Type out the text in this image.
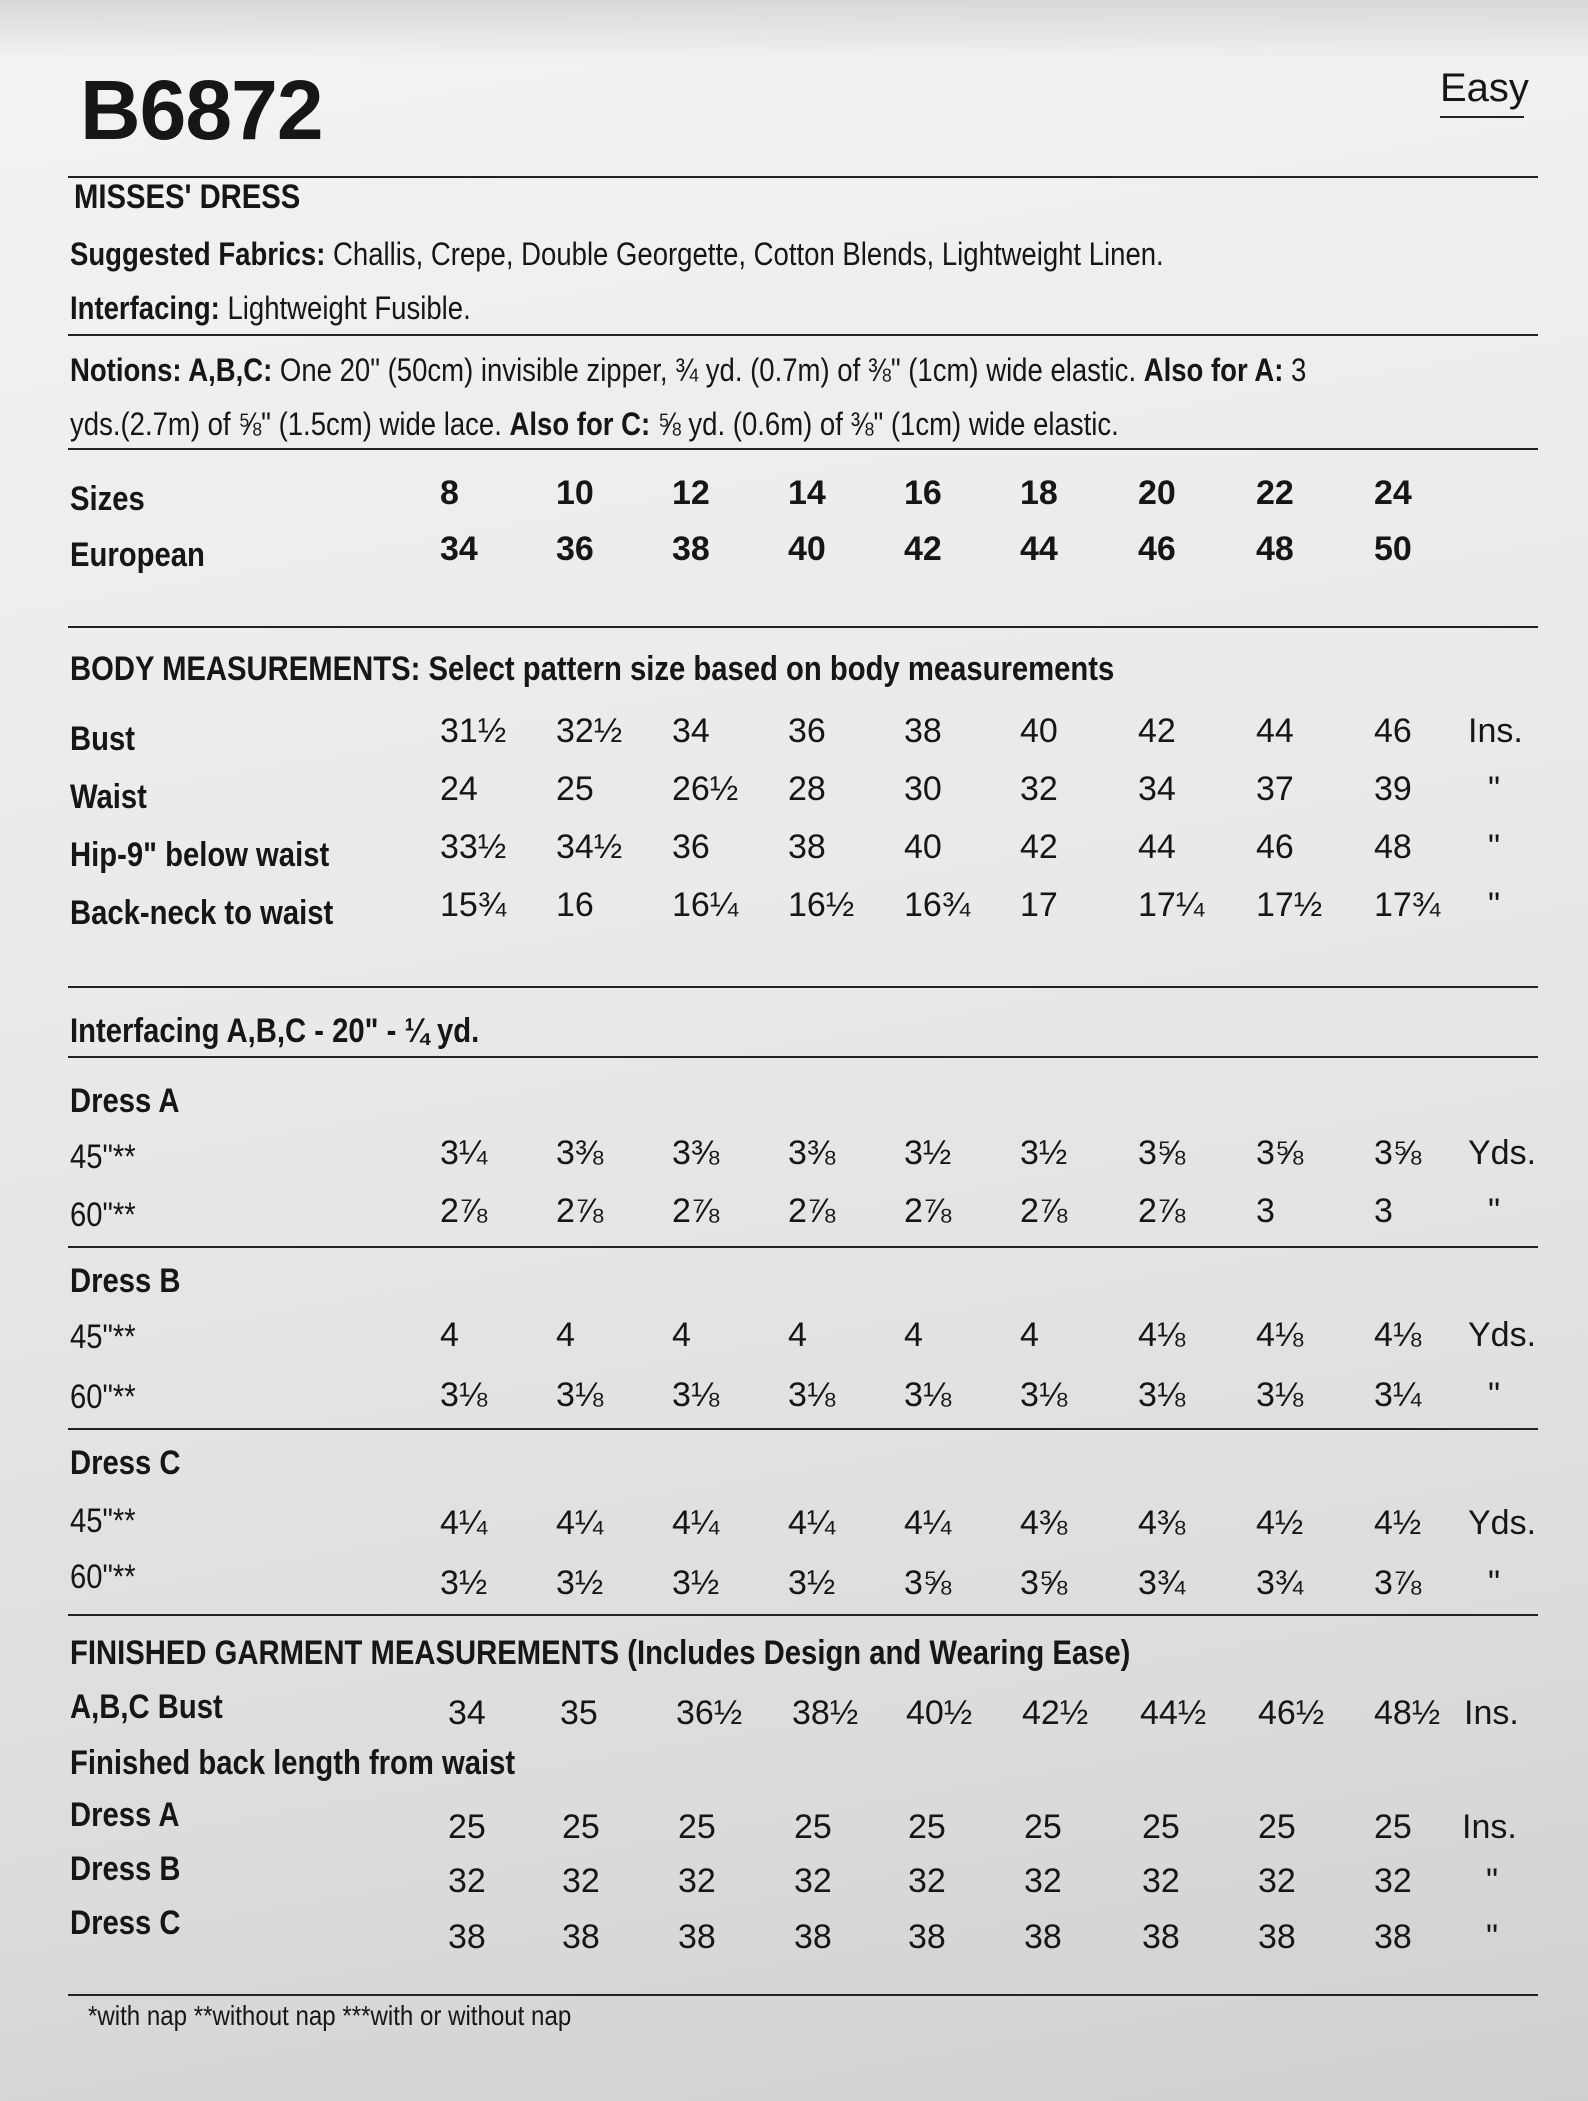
B6872	Easy
MISSES' DRESS
Suggested Fabrics: Challis, Crepe, Double Georgette, Cotton Blends, Lightweight Linen.
Interfacing: Lightweight Fusible.
Notions: A,B,C: One 20" (50cm) invisible zipper, ¾ yd. (0.7m) of ⅜" (1cm) wide elastic. Also for A: 3
yds.(2.7m) of ⅝" (1.5cm) wide lace. Also for C: ⅝ yd. (0.6m) of ⅜" (1cm) wide elastic.
Sizes	8	10	12	14	16	18	20	22	24
European	34	36	38	40	42	44	46	48	50
BODY MEASUREMENTS: Select pattern size based on body measurements
Bust	31½	32½	34	36	38	40	42	44	46	Ins.
Waist	24	25	26½	28	30	32	34	37	39	"
Hip-9" below waist	33½	34½	36	38	40	42	44	46	48	"
Back-neck to waist	15¾	16	16¼	16½	16¾	17	17¼	17½	17¾	"
Interfacing A,B,C - 20" - ¼ yd.
Dress A
45"**	3¼	3⅜	3⅜	3⅜	3½	3½	3⅝	3⅝	3⅝	Yds.
60"**	2⅞	2⅞	2⅞	2⅞	2⅞	2⅞	2⅞	3	3	"
Dress B
45"**	4	4	4	4	4	4	4⅛	4⅛	4⅛	Yds.
60"**	3⅛	3⅛	3⅛	3⅛	3⅛	3⅛	3⅛	3⅛	3¼	"
Dress C
45"**	4¼	4¼	4¼	4¼	4¼	4⅜	4⅜	4½	4½	Yds.
60"**	3½	3½	3½	3½	3⅝	3⅝	3¾	3¾	3⅞	"
FINISHED GARMENT MEASUREMENTS (Includes Design and Wearing Ease)
A,B,C Bust	34	35	36½	38½	40½	42½	44½	46½	48½ Ins.
Finished back length from waist
Dress A	25	25	25	25	25	25	25	25	25	Ins.
Dress B	32	32	32	32	32	32	32	32	32	"
Dress C	38	38	38	38	38	38	38	38	38	"
*with nap **without nap ***with or without nap
